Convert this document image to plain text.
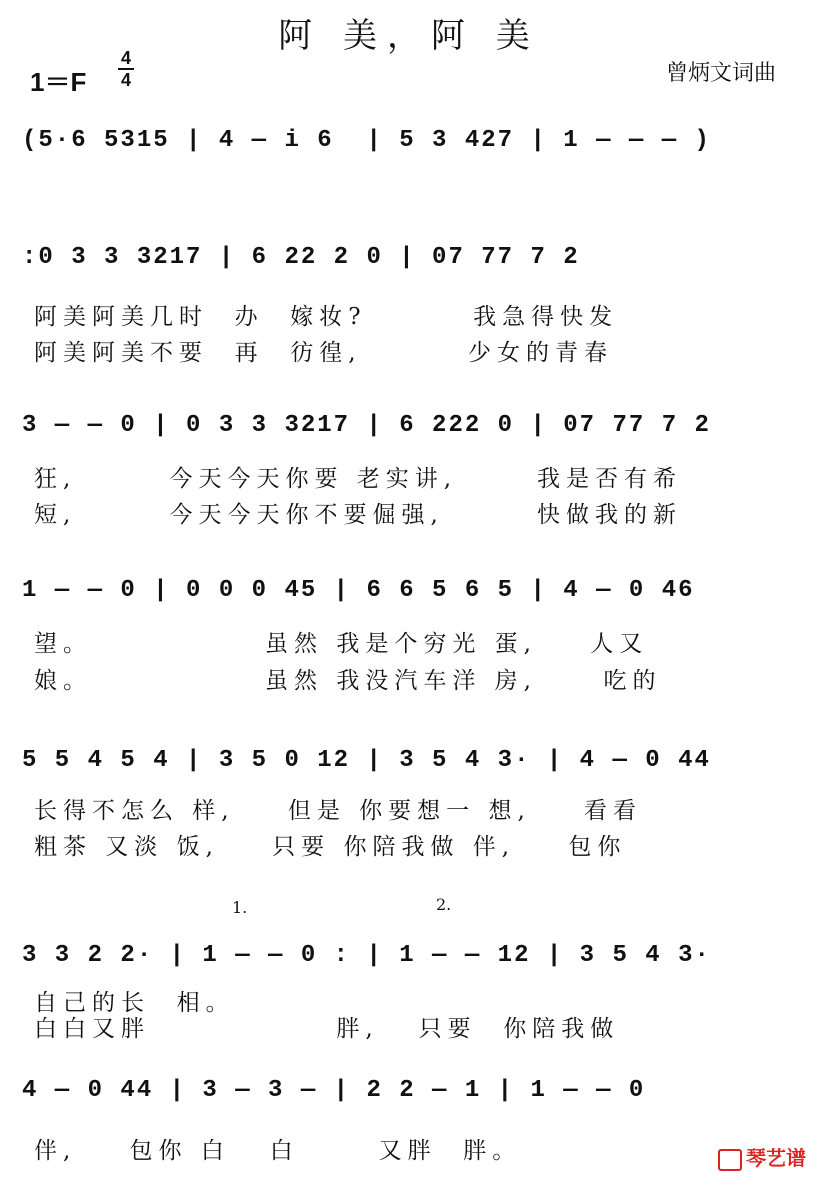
阿 美，阿 美
1＝F
4
4	曾炳文词曲

(5·6 5315 | 4 — i 6  | 5 3 427 | 1 — — — )

:0 3 3 3217 | 6 22 2 0 | 07 77 7 2

阿美阿美几时  办  嫁妆?        我急得快发
阿美阿美不要  再  彷徨,        少女的青春

3 — — 0 | 0 3 3 3217 | 6 222 0 | 07 77 7 2

狂,       今天今天你要 老实讲,      我是否有希
短,       今天今天你不要倔强,       快做我的新

1 — — 0 | 0 0 0 45 | 6 6 5 6 5 | 4 — 0 46

望。             虽然 我是个穷光 蛋,    人又
娘。             虽然 我没汽车洋 房,     吃的

5 5 4 5 4 | 3 5 0 12 | 3 5 4 3· | 4 — 0 44

长得不怎么 样,    但是 你要想一 想,    看看
粗茶 又淡 饭,    只要 你陪我做 伴,    包你
1.	2.

3 3 2 2· | 1 — — 0 : | 1 — — 12 | 3 5 4 3·

自己的长  相。
白白又胖              胖,   只要  你陪我做

4 — 0 44 | 3 — 3 — | 2 2 — 1 | 1 — — 0

伴,    包你 白   白      又胖  胖。	琴艺谱
